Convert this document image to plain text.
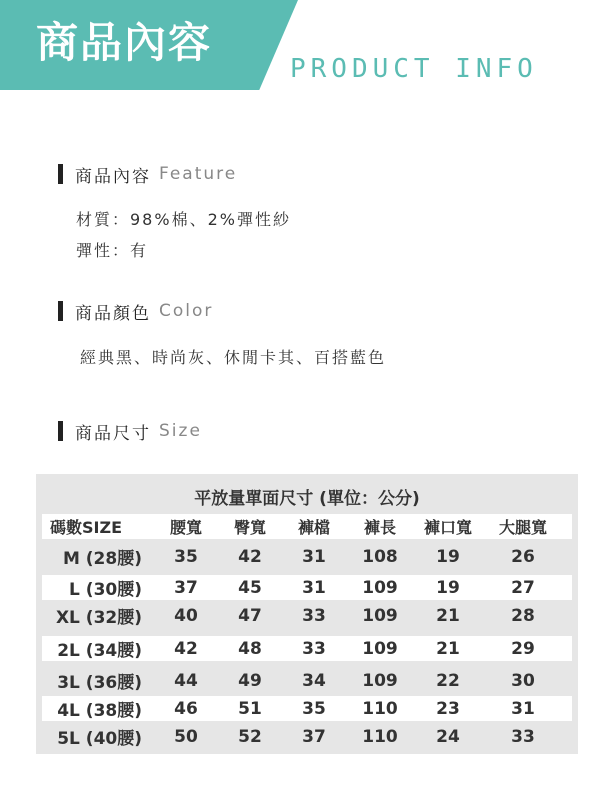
商品內容
PRODUCT INFO
商品內容 Feature
材質：98%棉、2%彈性紗
彈性：有
商品顏色 Color
經典黑、時尚灰、休閒卡其、百搭藍色
商品尺寸 Size
平放量單面尺寸 (單位：公分)
碼數SIZE	腰寬	臀寬	褲檔	褲長	褲口寬	大腿寬
M (28腰)	35	42	31	108	19	26
L (30腰)	37	45	31	109	19	27
XL (32腰)	40	47	33	109	21	28
2L (34腰)	42	48	33	109	21	29
3L (36腰)	44	49	34	109	22	30
4L (38腰)	46	51	35	110	23	31
5L (40腰)	50	52	37	110	24	33
